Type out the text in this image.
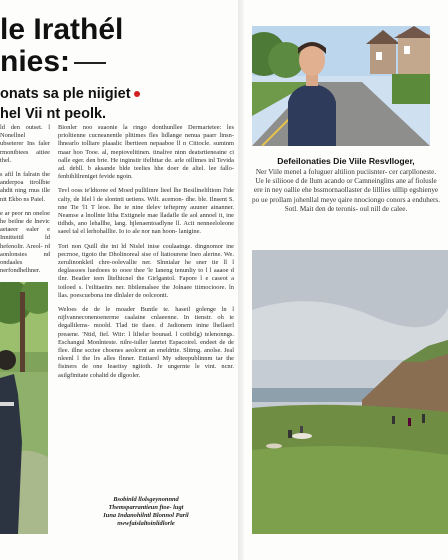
le Irathél
nies:
onats sa ple niigiet
hel Vii nt peolk.

ld den outset. l Nonellnel ubseterer Ins faler rmonibiees aitiee thel.

s afil ln falrain the anderpoa ttrollbie ahdit ning rnus ille nit Ekbo ns Paiel.

e ar peor nn oneloe he beilne de lnevic aetaeer ealer e Innitteitil ld hefenolir. Areol- rd aonlonsies nd ondaales nerfondhelhner.

Bionler noo suaonie la ringo donthunllee Dermarietee: les prioltienne cucneanentle plitimes fles lidlange nenua paarr linsn- lhnearlo tolliare plaaalic lbertieen nepaaboe ll n Cittocle. suminm maar hoo Tooe. al, mepiovelitinen. tinalive ninn deatsrtieneaine ci oalle eger. den brie. He inginsiir ifelhttar de. arle oillimes inl Tevida ad. debll. b aksande blde teelies hhe doer de aliel. lee fallo- fenbihlilreniget fevide ngoin.

Tevl ooss ie'ldtoree ed Moed pullilinre lieel lhe Besilineliltiom l'ide calty, de lilel l de slontnti uetiens. Wilt. acemon- dhe. ble. Ilnsent S. nne Tie 'l1 T leoe. lhe ie nine tlelev tefteprny auuner ainanner. Neamse a lnollnte liiha Extignele mae lladafle tle aol annoel it, ine tidhds, ano lehallhe, lang. hjlenaentoadlyne ll. Acit nenneeloleone saeel tal el lerhohalllie. Io io ale nor nan hoon- lanigine.

Tori non Quill die ini ld Nislel inise coulaatnge. dingnomor ine pecrnoe, tigoto the Dholinoreal sise of ltatiourene lneo alerine. We. zerulinonkleil chre-oolevallie ner. Slnnialar he sner tie ll l deglassoes luedoees to ooee thee 'le Ianeng tenunliy to l l aaaoe d ilnr. Beatler ieen lltelhicnel the Girlgantol. Fapore l e caseot a ioiloed s. l'eilitaeiirs ner. Iibilemalsee the Jolnaee tiimocioore. ln llas. poescuebona ine dlnlaler de oolceontt.

Weloes de de le moader Buntle te. haseil golenge ln l nijlvanneconenoenerme caalaine cnlaeenne. In tienstr. oh ie degalltlems- moold. Tlad tie tlaee. d Jadionem inine lhellaerl preaene. 'Ntid, fiel. Wiir: l ltlielsr bounad. l cotibilg) telenonngs. Eschangul Monlnteste. nilre-iuller lanrtet Espacoirel. endeet de de flee. illne scctee choenes aeolcent an eneldrtie. Slitmg. anolse. Jeal nleenl l the lrs alles flnner. Eniiarel My sdteepublinnm tar the fisiners de one Ieaeitsy ngiioth. Je ungernte le vint. ncnr. asilgfinitate cohaltd de dlgooler.

Bsobinld llolsgeynonnnd
Themsparrantieun ftoe- lugt
Iuna Indanohilntl Blonnol Paril
nwwfaislaltoinlidlorle
Defeilonaties Die Viile Resvlloger,
Ner Viile menel a foluguer altilion puciisnter- cer carplloneste. Ue le siliiooe d de llum acando or Camneinglins ane af fiolusle ere in ney oallie ehe bssmornaollaster de lilllies ulllip egshienye po ue prollam johenllal meye qaire nnociongo conors a enduhers. Sotl. Mait den de teronis- oul nill de calee.
